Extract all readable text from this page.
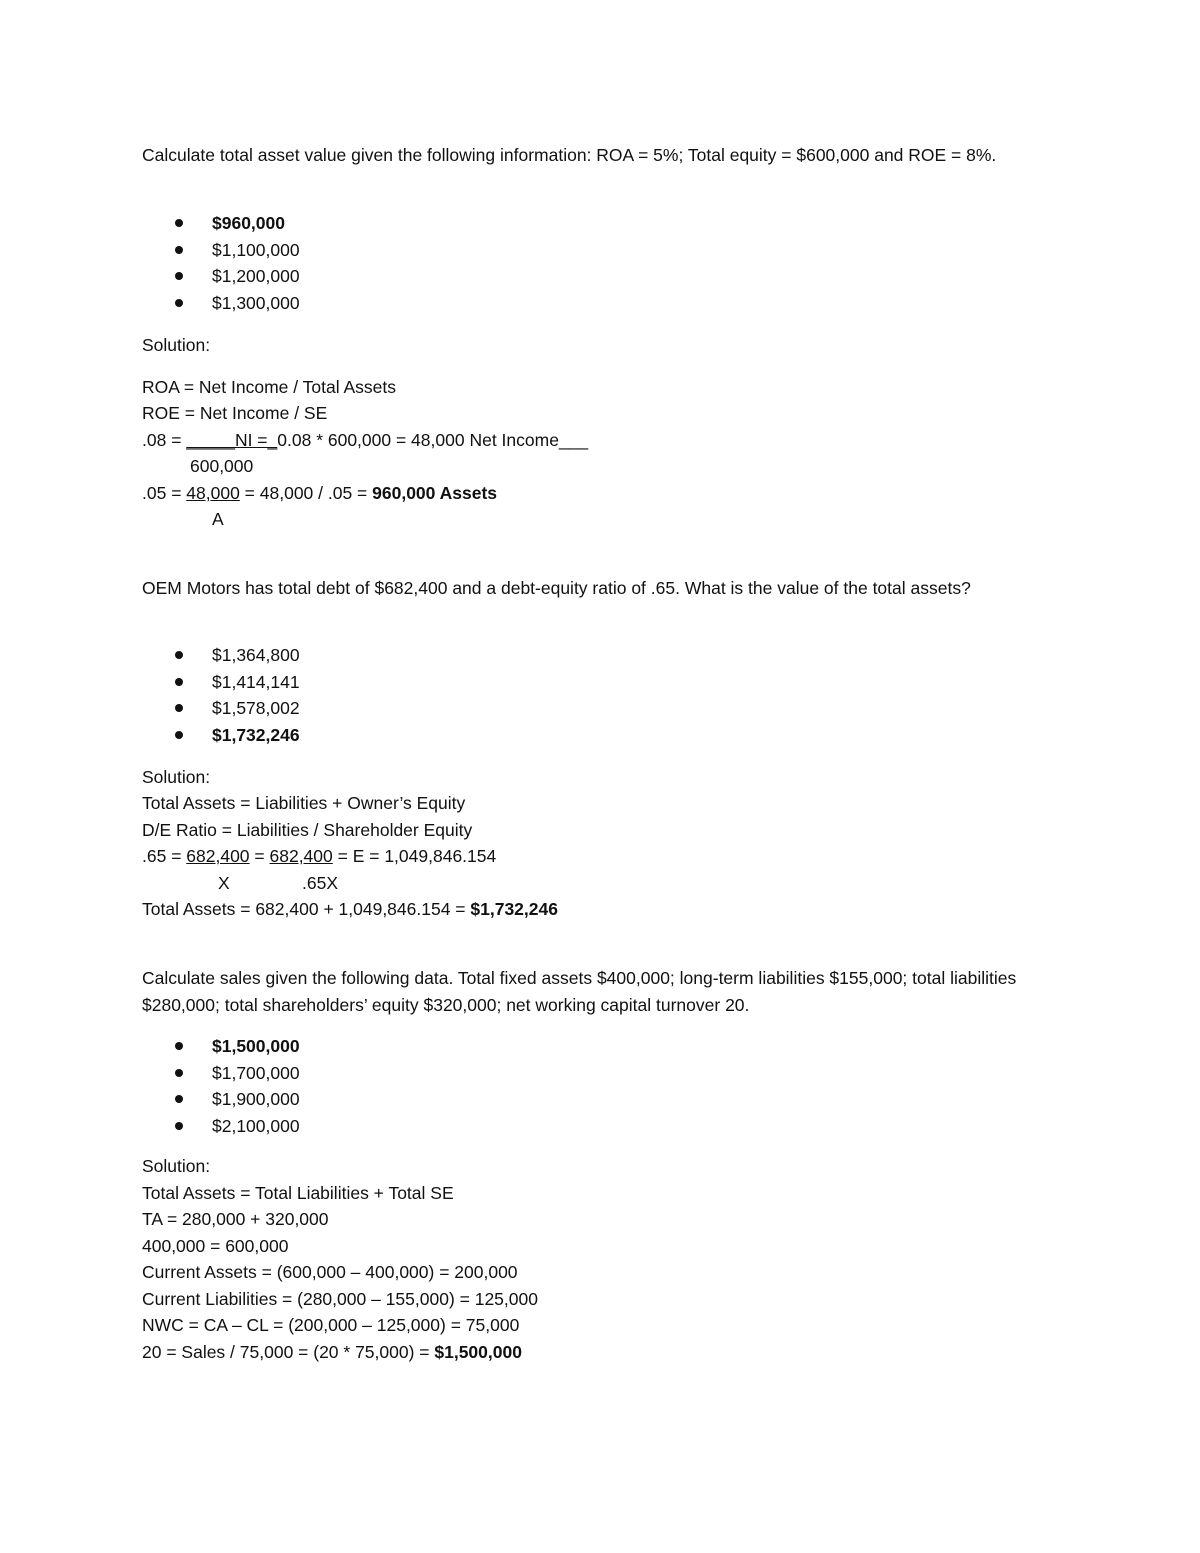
Calculate total asset value given the following information: ROA = 5%; Total equity = $600,000 and ROE = 8%.

$960,000
$1,100,000
$1,200,000
$1,300,000

Solution:

ROA = Net Income / Total Assets

ROE = Net Income / SE

.08 = _____NI =_0.08 * 600,000 = 48,000 Net Income___

600,000

.05 = 48,000 = 48,000 / .05 = 960,000 Assets

A

OEM Motors has total debt of $682,400 and a debt-equity ratio of .65. What is the value of the total assets?

$1,364,800
$1,414,141
$1,578,002
$1,732,246

Solution:

Total Assets = Liabilities + Owner’s Equity

D/E Ratio = Liabilities / Shareholder Equity

.65 = 682,400 = 682,400 = E = 1,049,846.154

X	.65X

Total Assets = 682,400 + 1,049,846.154 = $1,732,246

Calculate sales given the following data. Total fixed assets $400,000; long-term liabilities $155,000; total liabilities $280,000; total shareholders’ equity $320,000; net working capital turnover 20.

$1,500,000
$1,700,000
$1,900,000
$2,100,000

Solution:

Total Assets = Total Liabilities + Total SE

TA = 280,000 + 320,000

400,000 = 600,000

Current Assets = (600,000 – 400,000) = 200,000

Current Liabilities = (280,000 – 155,000) = 125,000

NWC = CA – CL = (200,000 – 125,000) = 75,000

20 = Sales / 75,000 = (20 * 75,000) = $1,500,000
